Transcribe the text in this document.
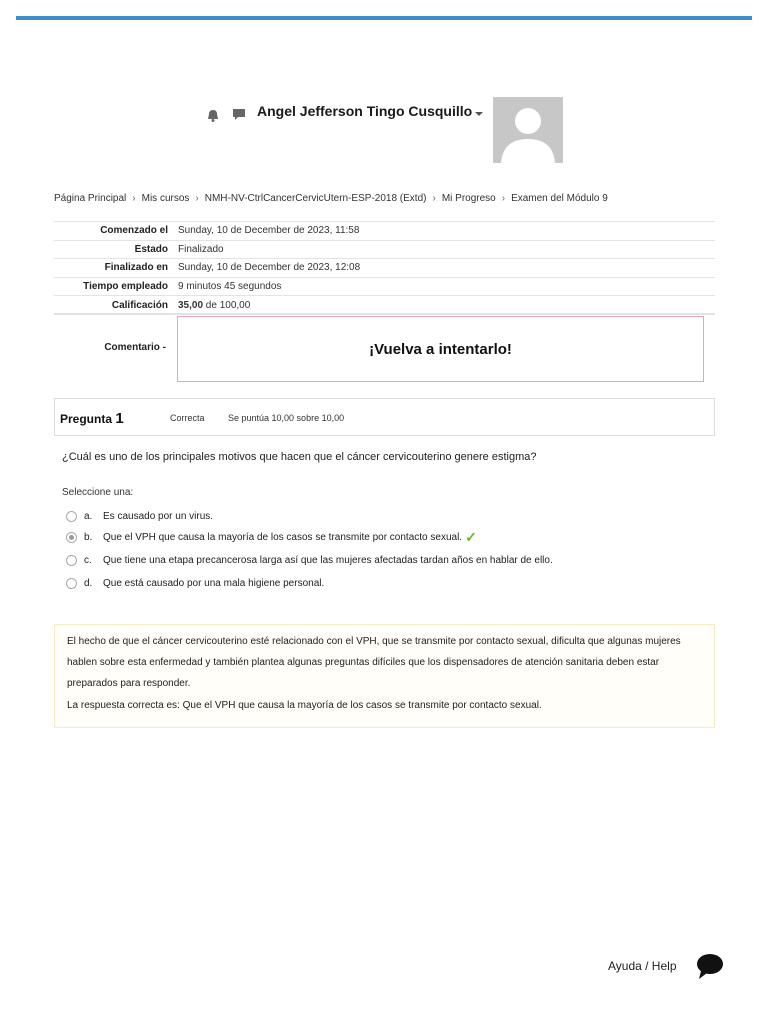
Angel Jefferson Tingo Cusquillo
Página Principal › Mis cursos › NMH-NV-CtrlCancerCervicUtern-ESP-2018 (Extd) › Mi Progreso › Examen del Módulo 9
Comenzado el	Sunday, 10 de December de 2023, 11:58
Estado	Finalizado
Finalizado en	Sunday, 10 de December de 2023, 12:08
Tiempo empleado	9 minutos 45 segundos
Calificación	35,00 de 100,00
Comentario -	¡Vuelva a intentarlo!
Pregunta 1	Correcta	Se puntúa 10,00 sobre 10,00
¿Cuál es uno de los principales motivos que hacen que el cáncer cervicouterino genere estigma?
Seleccione una:
a.	Es causado por un virus.
b.	Que el VPH que causa la mayoría de los casos se transmite por contacto sexual. ✓
c.	Que tiene una etapa precancerosa larga así que las mujeres afectadas tardan años en hablar de ello.
d.	Que está causado por una mala higiene personal.
El hecho de que el cáncer cervicouterino esté relacionado con el VPH, que se transmite por contacto sexual, dificulta que algunas mujeres hablen sobre esta enfermedad y también plantea algunas preguntas difíciles que los dispensadores de atención sanitaria deben estar preparados para responder.
La respuesta correcta es: Que el VPH que causa la mayoría de los casos se transmite por contacto sexual.
Ayuda / Help
